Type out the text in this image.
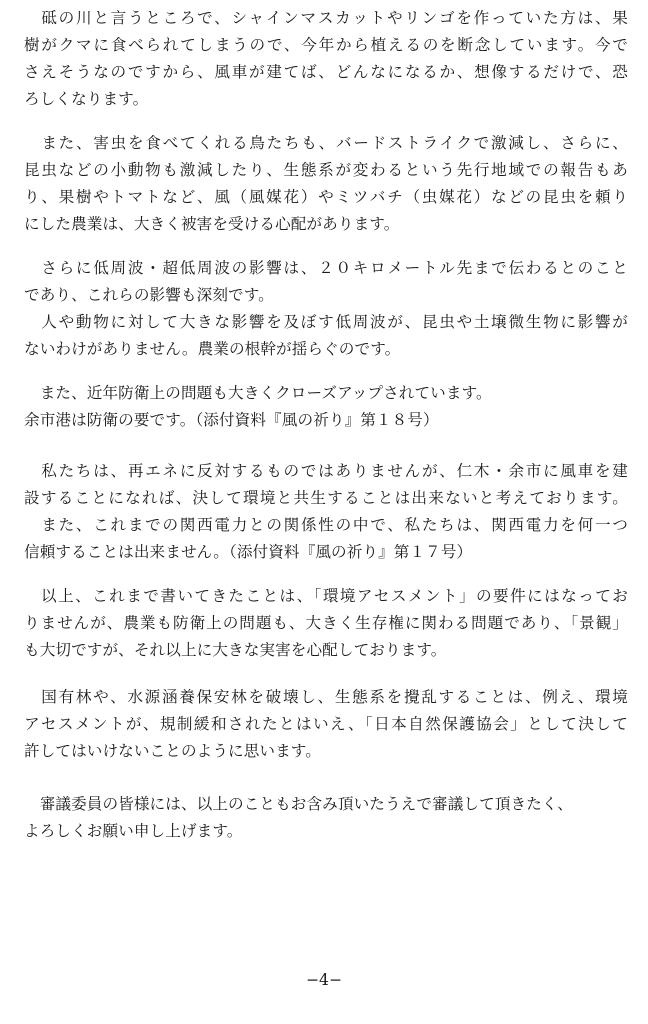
　砥の川と言うところで、シャインマスカットやリンゴを作っていた方は、果
樹がクマに食べられてしまうので、今年から植えるのを断念しています。今で
さえそうなのですから、風車が建てば、どんなになるか、想像するだけで、恐
ろしくなります。
　また、害虫を食べてくれる鳥たちも、バードストライクで激減し、さらに、
昆虫などの小動物も激減したり、生態系が変わるという先行地域での報告もあ
り、果樹やトマトなど、風（風媒花）やミツバチ（虫媒花）などの昆虫を頼り
にした農業は、大きく被害を受ける心配があります。
　さらに低周波・超低周波の影響は、２０キロメートル先まで伝わるとのこと
であり、これらの影響も深刻です。
　人や動物に対して大きな影響を及ぼす低周波が、昆虫や土壌微生物に影響が
ないわけがありません。農業の根幹が揺らぐのです。
　また、近年防衛上の問題も大きくクローズアップされています。
余市港は防衛の要です。（添付資料『風の祈り』第１８号）
　私たちは、再エネに反対するものではありませんが、仁木・余市に風車を建
設することになれば、決して環境と共生することは出来ないと考えております。
　また、これまでの関西電力との関係性の中で、私たちは、関西電力を何一つ
信頼することは出来ません。（添付資料『風の祈り』第１７号）
　以上、これまで書いてきたことは、「環境アセスメント」の要件にはなってお
りませんが、農業も防衛上の問題も、大きく生存権に関わる問題であり、「景観」
も大切ですが、それ以上に大きな実害を心配しております。
　国有林や、水源涵養保安林を破壊し、生態系を攪乱することは、例え、環境
アセスメントが、規制緩和されたとはいえ、「日本自然保護協会」として決して
許してはいけないことのように思います。
　審議委員の皆様には、以上のこともお含み頂いたうえで審議して頂きたく、
よろしくお願い申し上げます。
−4−
